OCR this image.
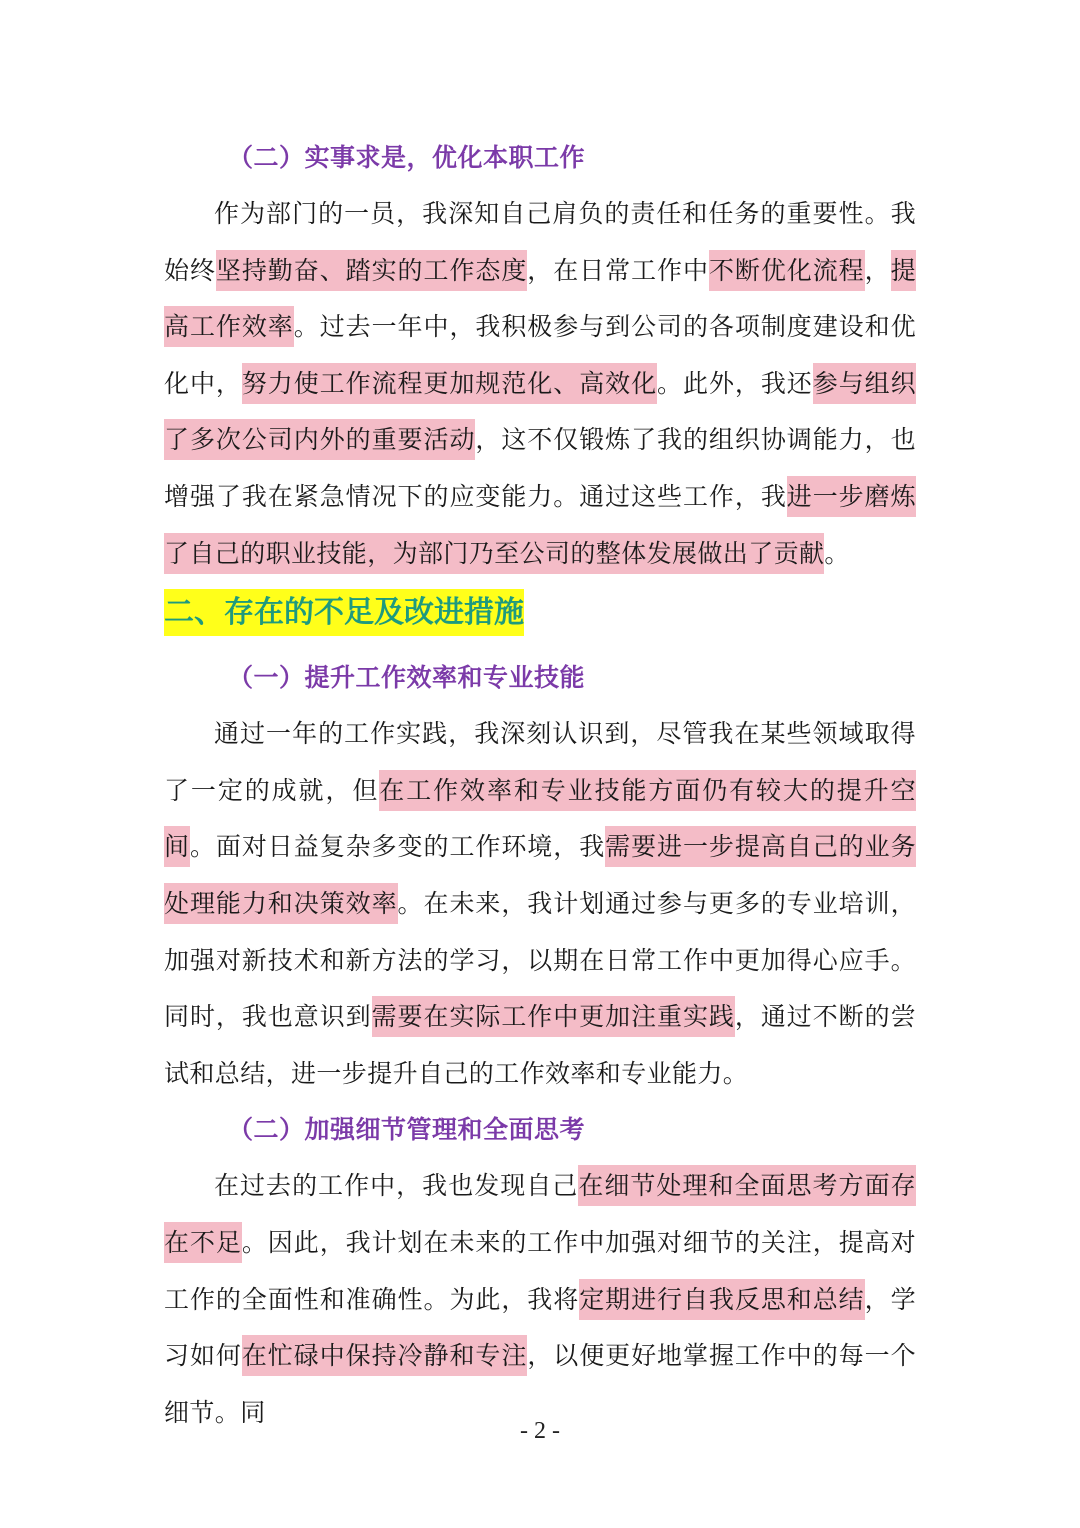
（二）实事求是，优化本职工作

作为部门的一员，我深知自己肩负的责任和任务的重要性。我始终坚持勤奋、踏实的工作态度，在日常工作中不断优化流程，提高工作效率。过去一年中，我积极参与到公司的各项制度建设和优化中，努力使工作流程更加规范化、高效化。此外，我还参与组织了多次公司内外的重要活动，这不仅锻炼了我的组织协调能力，也增强了我在紧急情况下的应变能力。通过这些工作，我进一步磨炼了自己的职业技能，为部门乃至公司的整体发展做出了贡献。

二、存在的不足及改进措施

（一）提升工作效率和专业技能

通过一年的工作实践，我深刻认识到，尽管我在某些领域取得了一定的成就，但在工作效率和专业技能方面仍有较大的提升空间。面对日益复杂多变的工作环境，我需要进一步提高自己的业务处理能力和决策效率。在未来，我计划通过参与更多的专业培训，加强对新技术和新方法的学习，以期在日常工作中更加得心应手。同时，我也意识到需要在实际工作中更加注重实践，通过不断的尝试和总结，进一步提升自己的工作效率和专业能力。

（二）加强细节管理和全面思考

在过去的工作中，我也发现自己在细节处理和全面思考方面存在不足。因此，我计划在未来的工作中加强对细节的关注，提高对工作的全面性和准确性。为此，我将定期进行自我反思和总结，学习如何在忙碌中保持冷静和专注，以便更好地掌握工作中的每一个细节。同

- 2 -
